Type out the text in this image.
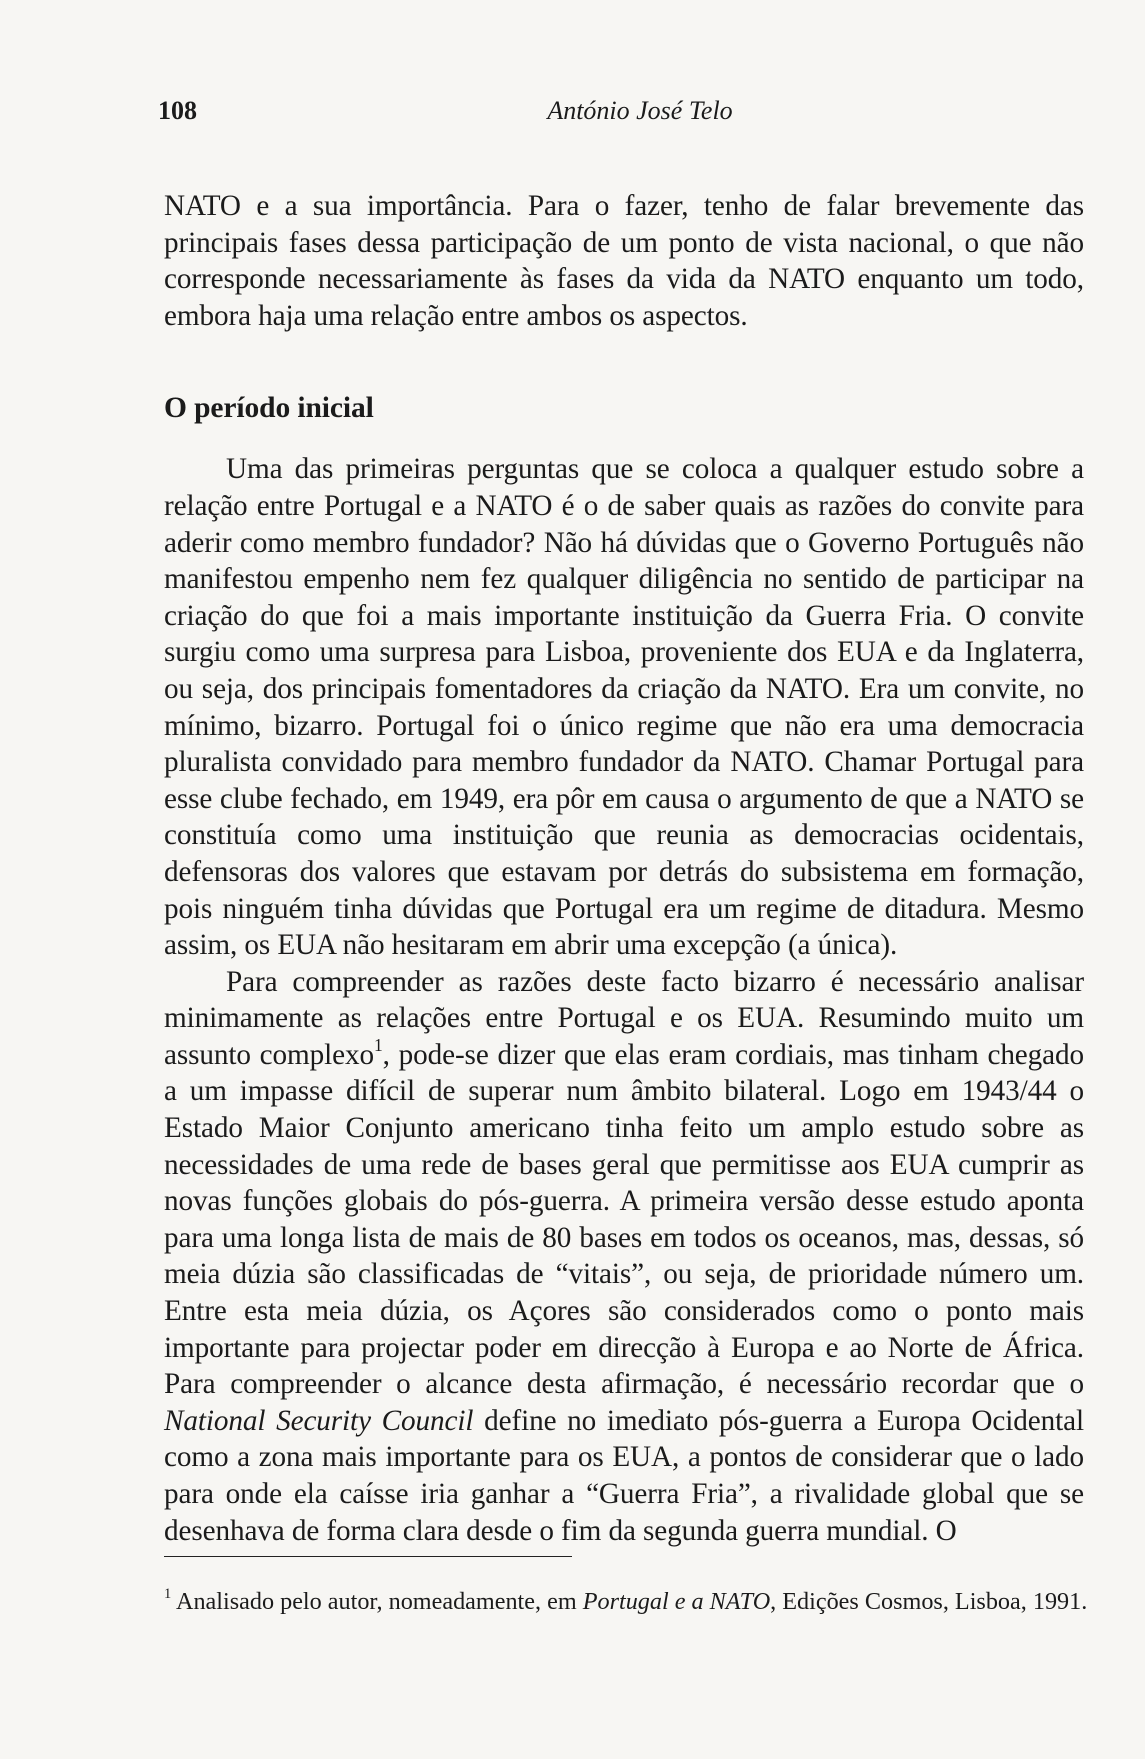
108	António José Telo

NATO e a sua importância. Para o fazer, tenho de falar brevemente das principais fases dessa participação de um ponto de vista nacional, o que não corresponde necessariamente às fases da vida da NATO enquanto um todo, embora haja uma relação entre ambos os aspectos.

O período inicial

Uma das primeiras perguntas que se coloca a qualquer estudo sobre a relação entre Portugal e a NATO é o de saber quais as razões do convite para aderir como membro fundador? Não há dúvidas que o Governo Português não manifestou empenho nem fez qualquer diligência no sentido de participar na criação do que foi a mais importante instituição da Guerra Fria. O convite surgiu como uma surpresa para Lisboa, proveniente dos EUA e da Inglaterra, ou seja, dos principais fomentadores da criação da NATO. Era um convite, no mínimo, bizarro. Portugal foi o único regime que não era uma democracia pluralista convidado para membro fundador da NATO. Chamar Portugal para esse clube fechado, em 1949, era pôr em causa o argumento de que a NATO se constituía como uma instituição que reunia as democracias ocidentais, defensoras dos valores que estavam por detrás do subsistema em formação, pois ninguém tinha dúvidas que Portugal era um regime de ditadura. Mesmo assim, os EUA não hesitaram em abrir uma excepção (a única).

Para compreender as razões deste facto bizarro é necessário analisar minimamente as relações entre Portugal e os EUA. Resumindo muito um assunto complexo$^1$, pode-se dizer que elas eram cordiais, mas tinham chegado a um impasse difícil de superar num âmbito bilateral. Logo em 1943/44 o Estado Maior Conjunto americano tinha feito um amplo estudo sobre as necessidades de uma rede de bases geral que permitisse aos EUA cumprir as novas funções globais do pós-guerra. A primeira versão desse estudo aponta para uma longa lista de mais de 80 bases em todos os oceanos, mas, dessas, só meia dúzia são classificadas de “vitais”, ou seja, de prioridade número um. Entre esta meia dúzia, os Açores são considerados como o ponto mais importante para projectar poder em direcção à Europa e ao Norte de África. Para compreender o alcance desta afirmação, é necessário recordar que o National Security Council define no imediato pós-guerra a Europa Ocidental como a zona mais importante para os EUA, a pontos de considerar que o lado para onde ela caísse iria ganhar a “Guerra Fria”, a rivalidade global que se desenhava de forma clara desde o fim da segunda guerra mundial. O

$^1$ Analisado pelo autor, nomeadamente, em Portugal e a NATO, Edições Cosmos, Lisboa, 1991.
